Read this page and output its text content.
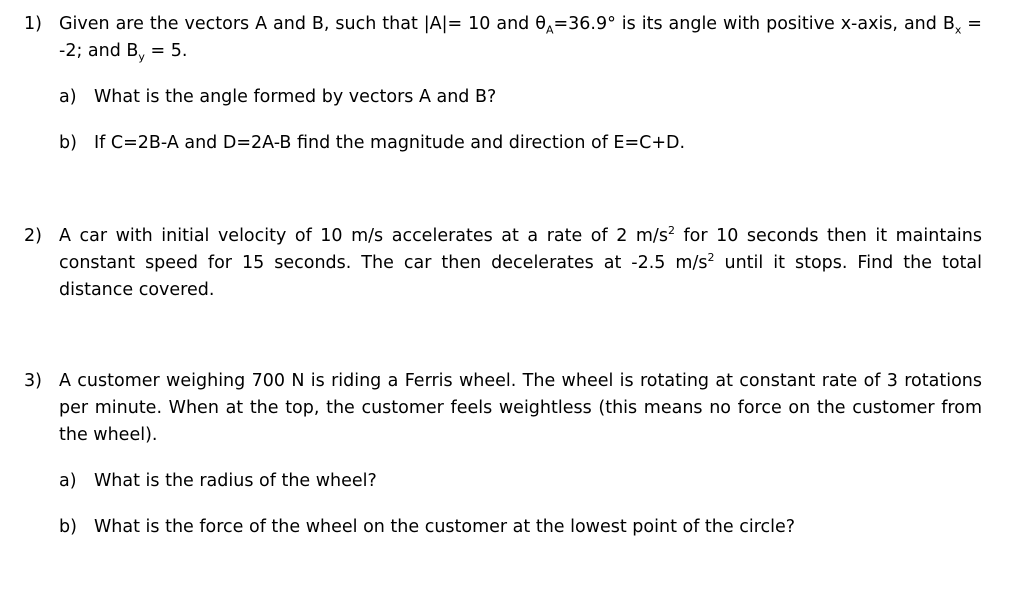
1) Given are the vectors A and B, such that |A|= 10 and $\theta_A=36.9^\circ$ is its angle with positive x-axis, and $B_x = -2$; and $B_y = 5$.
a) What is the angle formed by vectors A and B?
b) If C=2B-A and D=2A-B find the magnitude and direction of E=C+D.
2) A car with initial velocity of 10 m/s accelerates at a rate of 2 $m/s^2$ for 10 seconds then it maintains constant speed for 15 seconds. The car then decelerates at -2.5 $m/s^2$ until it stops. Find the total distance covered.
3) A customer weighing 700 N is riding a Ferris wheel. The wheel is rotating at constant rate of 3 rotations per minute. When at the top, the customer feels weightless (this means no force on the customer from the wheel).
a) What is the radius of the wheel?
b) What is the force of the wheel on the customer at the lowest point of the circle?
